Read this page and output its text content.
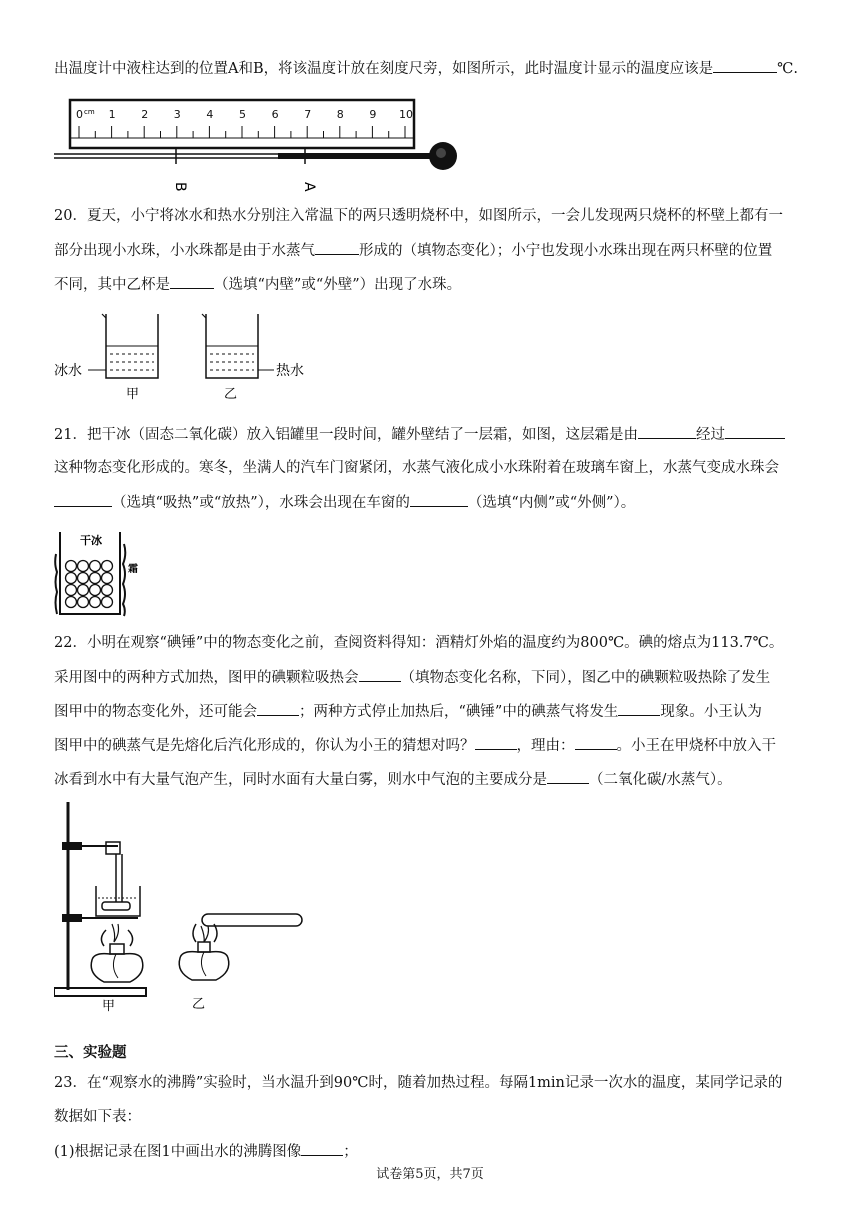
出温度计中液柱达到的位置A和B，将该温度计放在刻度尺旁，如图所示，此时温度计显示的温度应该是	℃.
0 1 2 3 4 5 6 7 8 9 10
cm
B	A
20．夏天，小宁将冰水和热水分别注入常温下的两只透明烧杯中，如图所示，一会儿发现两只烧杯的杯壁上都有一
部分出现小水珠，小水珠都是由于水蒸气	形成的（填物态变化）；小宁也发现小水珠出现在两只杯壁的位置
不同，其中乙杯是	（选填“内壁”或“外壁”）出现了水珠。
冰水
甲
热水
乙
21．把干冰（固态二氧化碳）放入铝罐里一段时间，罐外壁结了一层霜，如图，这层霜是由	经过
这种物态变化形成的。寒冬，坐满人的汽车门窗紧闭，水蒸气液化成小水珠附着在玻璃车窗上，水蒸气变成水珠会
（选填“吸热”或“放热”），水珠会出现在车窗的	（选填“内侧”或“外侧”）。
干冰
霜
22．小明在观察“碘锤”中的物态变化之前，查阅资料得知：酒精灯外焰的温度约为800℃。碘的熔点为113.7℃。
采用图中的两种方式加热，图甲的碘颗粒吸热会	（填物态变化名称，下同），图乙中的碘颗粒吸热除了发生
图甲中的物态变化外，还可能会	；两种方式停止加热后，“碘锤”中的碘蒸气将发生	现象。小王认为
图甲中的碘蒸气是先熔化后汽化形成的，你认为小王的猜想对吗？	，理由：	。小王在甲烧杯中放入干
冰看到水中有大量气泡产生，同时水面有大量白雾，则水中气泡的主要成分是	（二氧化碳/水蒸气）。
甲	乙
三、实验题
23．在“观察水的沸腾”实验时，当水温升到90℃时，随着加热过程。每隔1min记录一次水的温度，某同学记录的
数据如下表：
(1)根据记录在图1中画出水的沸腾图像	；
试卷第5页，共7页
